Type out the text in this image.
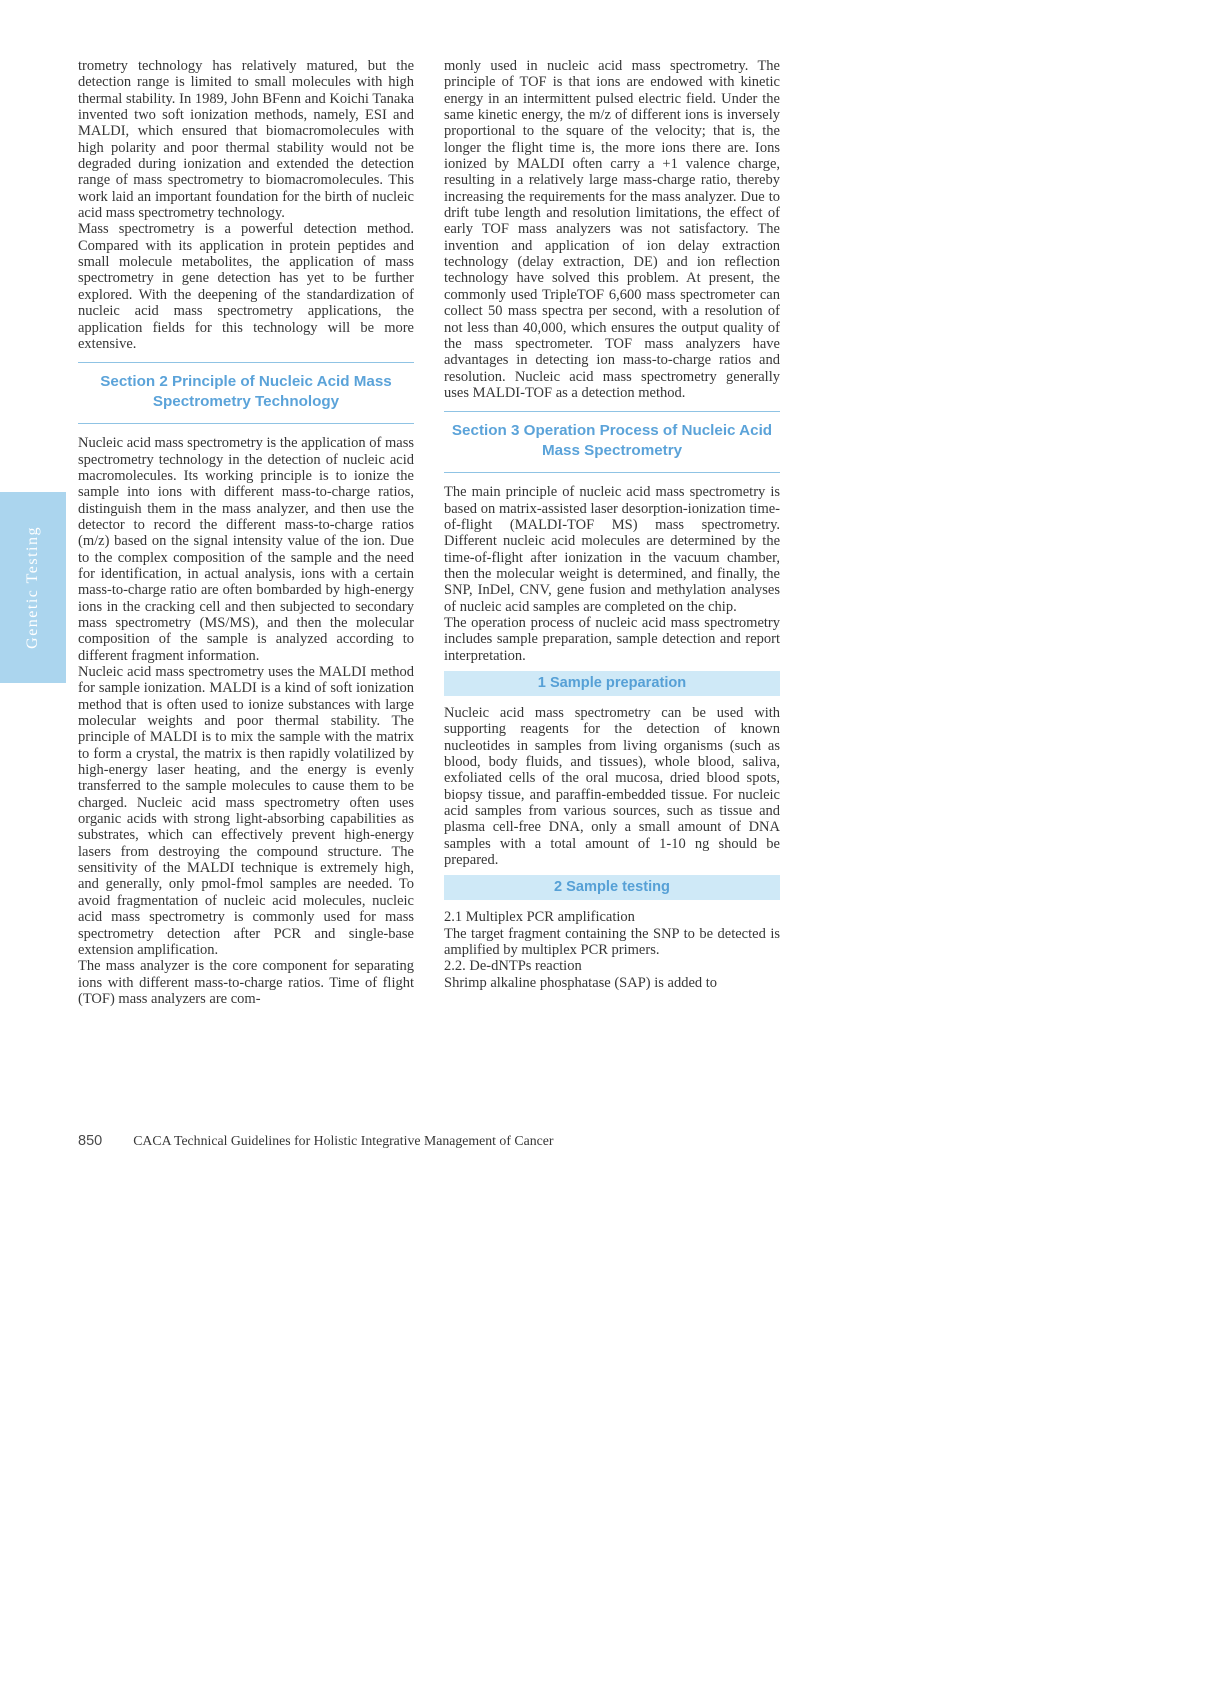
Genetic Testing

trometry technology has relatively matured, but the detection range is limited to small molecules with high thermal stability. In 1989, John BFenn and Koichi Tanaka invented two soft ionization methods, namely, ESI and MALDI, which ensured that biomacromolecules with high polarity and poor thermal stability would not be degraded during ionization and extended the detection range of mass spectrometry to biomacromolecules. This work laid an important foundation for the birth of nucleic acid mass spectrometry technology.

Mass spectrometry is a powerful detection method. Compared with its application in protein peptides and small molecule metabolites, the application of mass spectrometry in gene detection has yet to be further explored. With the deepening of the standardization of nucleic acid mass spectrometry applications, the application fields for this technology will be more extensive.

Section 2 Principle of Nucleic Acid Mass Spectrometry Technology

Nucleic acid mass spectrometry is the application of mass spectrometry technology in the detection of nucleic acid macromolecules. Its working principle is to ionize the sample into ions with different mass-to-charge ratios, distinguish them in the mass analyzer, and then use the detector to record the different mass-to-charge ratios (m/z) based on the signal intensity value of the ion. Due to the complex composition of the sample and the need for identification, in actual analysis, ions with a certain mass-to-charge ratio are often bombarded by high-energy ions in the cracking cell and then subjected to secondary mass spectrometry (MS/MS), and then the molecular composition of the sample is analyzed according to different fragment information.

Nucleic acid mass spectrometry uses the MALDI method for sample ionization. MALDI is a kind of soft ionization method that is often used to ionize substances with large molecular weights and poor thermal stability. The principle of MALDI is to mix the sample with the matrix to form a crystal, the matrix is then rapidly volatilized by high-energy laser heating, and the energy is evenly transferred to the sample molecules to cause them to be charged. Nucleic acid mass spectrometry often uses organic acids with strong light-absorbing capabilities as substrates, which can effectively prevent high-energy lasers from destroying the compound structure. The sensitivity of the MALDI technique is extremely high, and generally, only pmol-fmol samples are needed. To avoid fragmentation of nucleic acid molecules, nucleic acid mass spectrometry is commonly used for mass spectrometry detection after PCR and single-base extension amplification.

The mass analyzer is the core component for separating ions with different mass-to-charge ratios. Time of flight (TOF) mass analyzers are com-

monly used in nucleic acid mass spectrometry. The principle of TOF is that ions are endowed with kinetic energy in an intermittent pulsed electric field. Under the same kinetic energy, the m/z of different ions is inversely proportional to the square of the velocity; that is, the longer the flight time is, the more ions there are. Ions ionized by MALDI often carry a +1 valence charge, resulting in a relatively large mass-charge ratio, thereby increasing the requirements for the mass analyzer. Due to drift tube length and resolution limitations, the effect of early TOF mass analyzers was not satisfactory. The invention and application of ion delay extraction technology (delay extraction, DE) and ion reflection technology have solved this problem. At present, the commonly used TripleTOF 6,600 mass spectrometer can collect 50 mass spectra per second, with a resolution of not less than 40,000, which ensures the output quality of the mass spectrometer. TOF mass analyzers have advantages in detecting ion mass-to-charge ratios and resolution. Nucleic acid mass spectrometry generally uses MALDI-TOF as a detection method.

Section 3 Operation Process of Nucleic Acid Mass Spectrometry

The main principle of nucleic acid mass spectrometry is based on matrix-assisted laser desorption-ionization time-of-flight (MALDI-TOF MS) mass spectrometry. Different nucleic acid molecules are determined by the time-of-flight after ionization in the vacuum chamber, then the molecular weight is determined, and finally, the SNP, InDel, CNV, gene fusion and methylation analyses of nucleic acid samples are completed on the chip.

The operation process of nucleic acid mass spectrometry includes sample preparation, sample detection and report interpretation.

1 Sample preparation

Nucleic acid mass spectrometry can be used with supporting reagents for the detection of known nucleotides in samples from living organisms (such as blood, body fluids, and tissues), whole blood, saliva, exfoliated cells of the oral mucosa, dried blood spots, biopsy tissue, and paraffin-embedded tissue. For nucleic acid samples from various sources, such as tissue and plasma cell-free DNA, only a small amount of DNA samples with a total amount of 1-10 ng should be prepared.

2 Sample testing

2.1 Multiplex PCR amplification

The target fragment containing the SNP to be detected is amplified by multiplex PCR primers.

2.2. De-dNTPs reaction

Shrimp alkaline phosphatase (SAP) is added to

850 CACA Technical Guidelines for Holistic Integrative Management of Cancer
